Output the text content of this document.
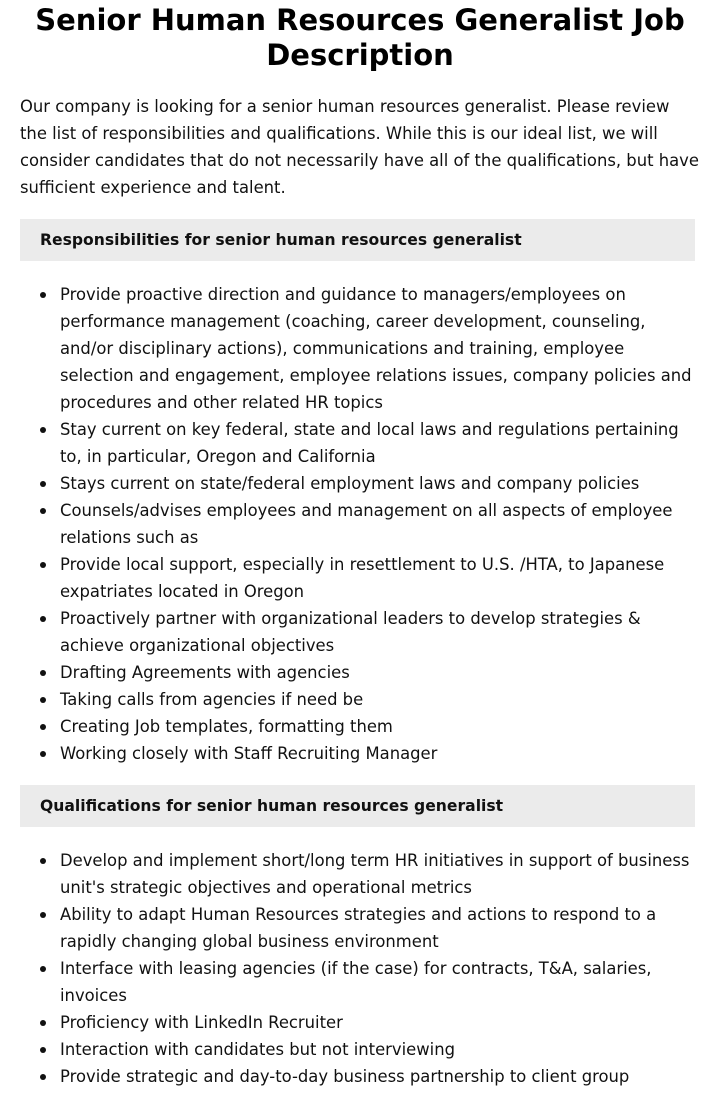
Senior Human Resources Generalist Job Description

Our company is looking for a senior human resources generalist. Please review the list of responsibilities and qualifications. While this is our ideal list, we will consider candidates that do not necessarily have all of the qualifications, but have sufficient experience and talent.

Responsibilities for senior human resources generalist
Provide proactive direction and guidance to managers/employees on performance management (coaching, career development, counseling, and/or disciplinary actions), communications and training, employee selection and engagement, employee relations issues, company policies and procedures and other related HR topics
Stay current on key federal, state and local laws and regulations pertaining to, in particular, Oregon and California
Stays current on state/federal employment laws and company policies
Counsels/advises employees and management on all aspects of employee relations such as
Provide local support, especially in resettlement to U.S. /HTA, to Japanese expatriates located in Oregon
Proactively partner with organizational leaders to develop strategies & achieve organizational objectives
Drafting Agreements with agencies
Taking calls from agencies if need be
Creating Job templates, formatting them
Working closely with Staff Recruiting Manager
Qualifications for senior human resources generalist
Develop and implement short/long term HR initiatives in support of business unit's strategic objectives and operational metrics
Ability to adapt Human Resources strategies and actions to respond to a rapidly changing global business environment
Interface with leasing agencies (if the case) for contracts, T&A, salaries, invoices
Proficiency with LinkedIn Recruiter
Interaction with candidates but not interviewing
Provide strategic and day-to-day business partnership to client group
